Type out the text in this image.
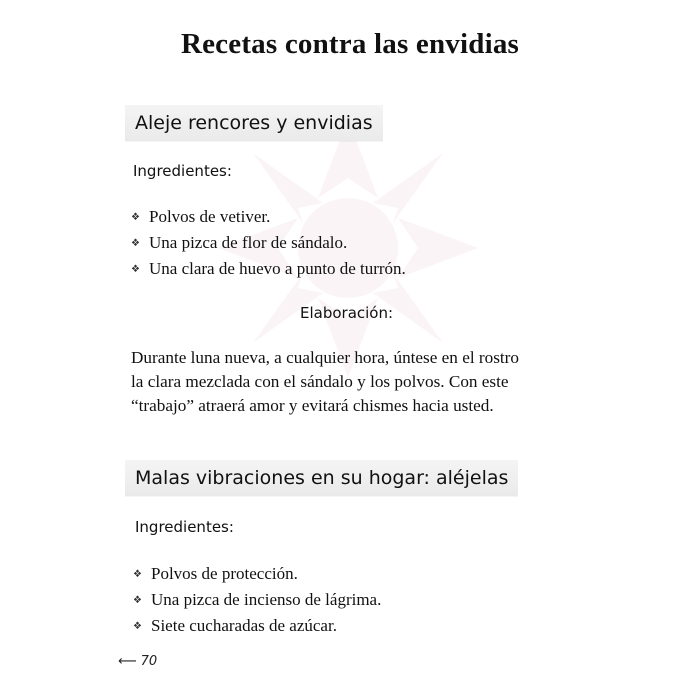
Recetas contra las envidias
Aleje rencores y envidias
Ingredientes:
❖ Polvos de vetiver.
❖ Una pizca de flor de sándalo.
❖ Una clara de huevo a punto de turrón.
Elaboración:
Durante luna nueva, a cualquier hora, úntese en el rostro
la clara mezclada con el sándalo y los polvos. Con este
“trabajo” atraerá amor y evitará chismes hacia usted.
Malas vibraciones en su hogar: aléjelas
Ingredientes:
❖ Polvos de protección.
❖ Una pizca de incienso de lágrima.
❖ Siete cucharadas de azúcar.
⟵ 70
